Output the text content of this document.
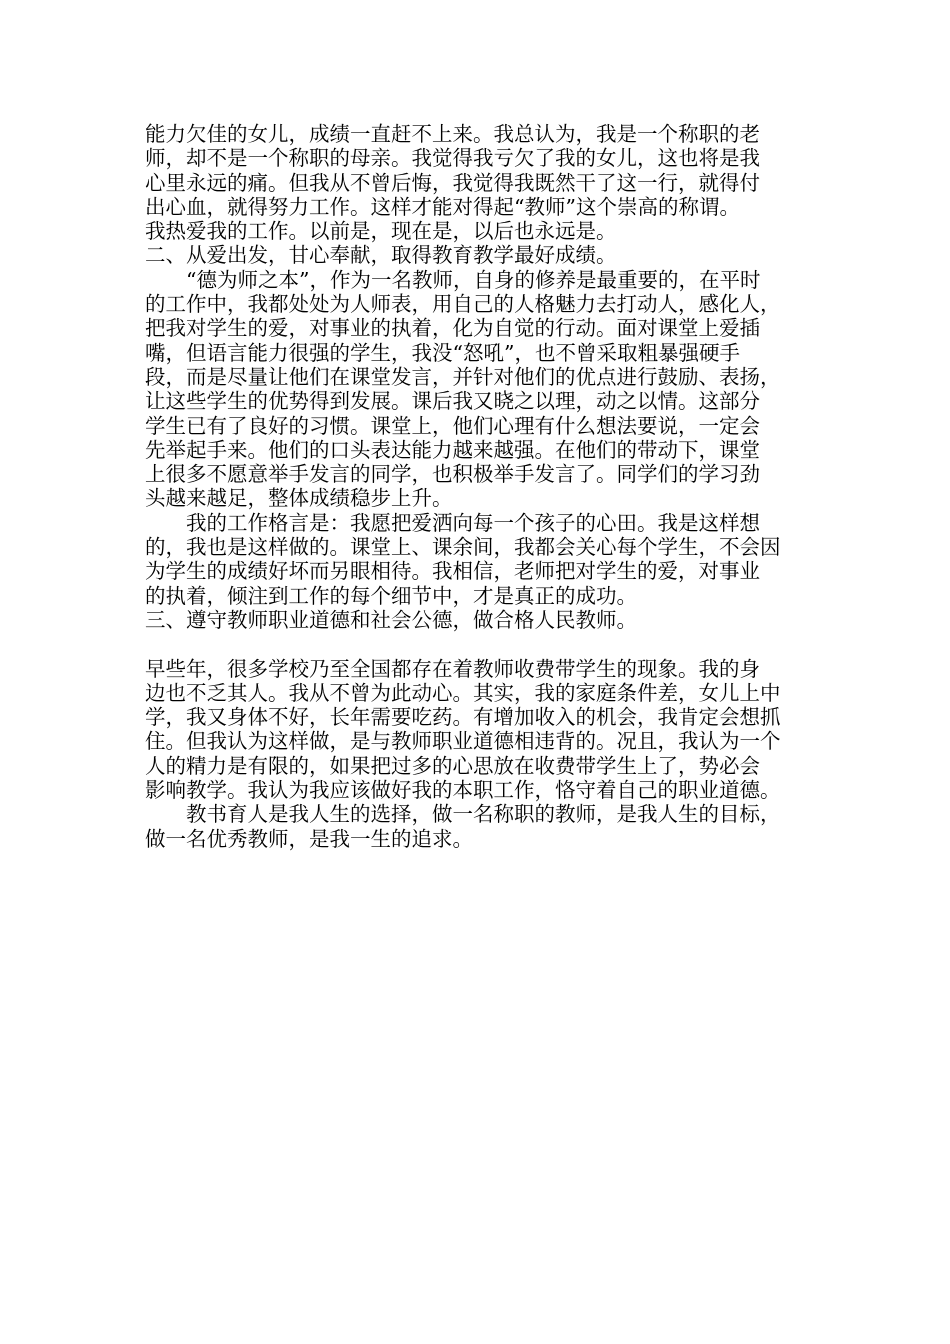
能力欠佳的女儿，成绩一直赶不上来。我总认为，我是一个称职的老
师，却不是一个称职的母亲。我觉得我亏欠了我的女儿，这也将是我
心里永远的痛。但我从不曾后悔，我觉得我既然干了这一行，就得付
出心血，就得努力工作。这样才能对得起“教师”这个崇高的称谓。
我热爱我的工作。以前是，现在是，以后也永远是。
二、从爱出发，甘心奉献，取得教育教学最好成绩。
“德为师之本”，作为一名教师，自身的修养是最重要的，在平时
的工作中，我都处处为人师表，用自己的人格魅力去打动人，感化人，
把我对学生的爱，对事业的执着，化为自觉的行动。面对课堂上爱插
嘴，但语言能力很强的学生，我没“怒吼”，也不曾采取粗暴强硬手
段，而是尽量让他们在课堂发言，并针对他们的优点进行鼓励、表扬，
让这些学生的优势得到发展。课后我又晓之以理，动之以情。这部分
学生已有了良好的习惯。课堂上，他们心理有什么想法要说，一定会
先举起手来。他们的口头表达能力越来越强。在他们的带动下，课堂
上很多不愿意举手发言的同学，也积极举手发言了。同学们的学习劲
头越来越足，整体成绩稳步上升。
我的工作格言是：我愿把爱洒向每一个孩子的心田。我是这样想
的，我也是这样做的。课堂上、课余间，我都会关心每个学生，不会因
为学生的成绩好坏而另眼相待。我相信，老师把对学生的爱，对事业
的执着，倾注到工作的每个细节中，才是真正的成功。
三、遵守教师职业道德和社会公德，做合格人民教师。
早些年，很多学校乃至全国都存在着教师收费带学生的现象。我的身
边也不乏其人。我从不曾为此动心。其实，我的家庭条件差，女儿上中
学，我又身体不好，长年需要吃药。有增加收入的机会，我肯定会想抓
住。但我认为这样做，是与教师职业道德相违背的。况且，我认为一个
人的精力是有限的，如果把过多的心思放在收费带学生上了，势必会
影响教学。我认为我应该做好我的本职工作，恪守着自己的职业道德。
教书育人是我人生的选择，做一名称职的教师，是我人生的目标，
做一名优秀教师，是我一生的追求。
